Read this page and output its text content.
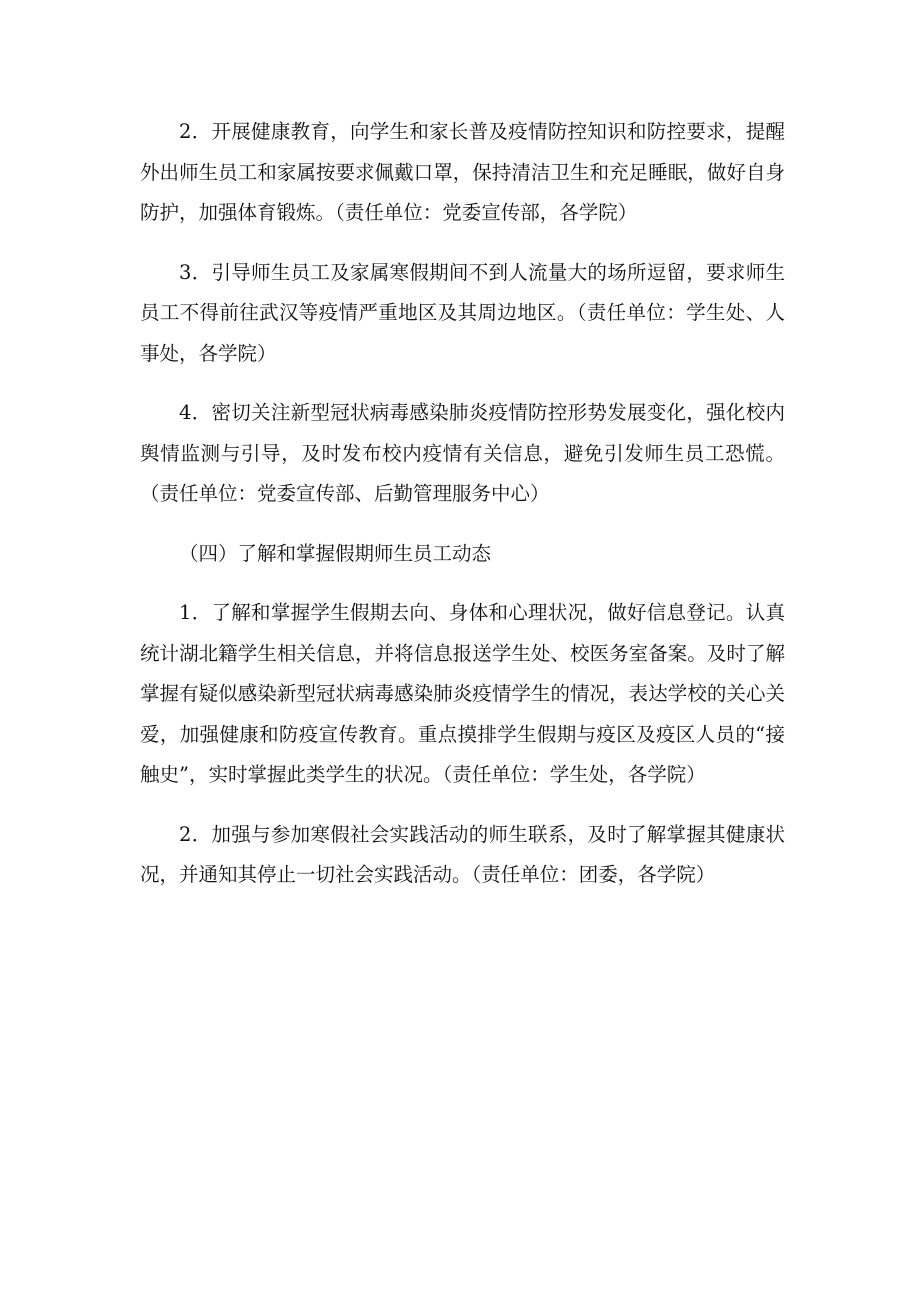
2．开展健康教育，向学生和家长普及疫情防控知识和防控要求，提醒外出师生员工和家属按要求佩戴口罩，保持清洁卫生和充足睡眠，做好自身防护，加强体育锻炼。（责任单位：党委宣传部，各学院）

3．引导师生员工及家属寒假期间不到人流量大的场所逗留，要求师生员工不得前往武汉等疫情严重地区及其周边地区。（责任单位：学生处、人事处，各学院）

4．密切关注新型冠状病毒感染肺炎疫情防控形势发展变化，强化校内舆情监测与引导，及时发布校内疫情有关信息，避免引发师生员工恐慌。（责任单位：党委宣传部、后勤管理服务中心）

（四）了解和掌握假期师生员工动态

1．了解和掌握学生假期去向、身体和心理状况，做好信息登记。认真统计湖北籍学生相关信息，并将信息报送学生处、校医务室备案。及时了解掌握有疑似感染新型冠状病毒感染肺炎疫情学生的情况，表达学校的关心关爱，加强健康和防疫宣传教育。重点摸排学生假期与疫区及疫区人员的“接触史”，实时掌握此类学生的状况。（责任单位：学生处，各学院）

2．加强与参加寒假社会实践活动的师生联系，及时了解掌握其健康状况，并通知其停止一切社会实践活动。（责任单位：团委，各学院）
